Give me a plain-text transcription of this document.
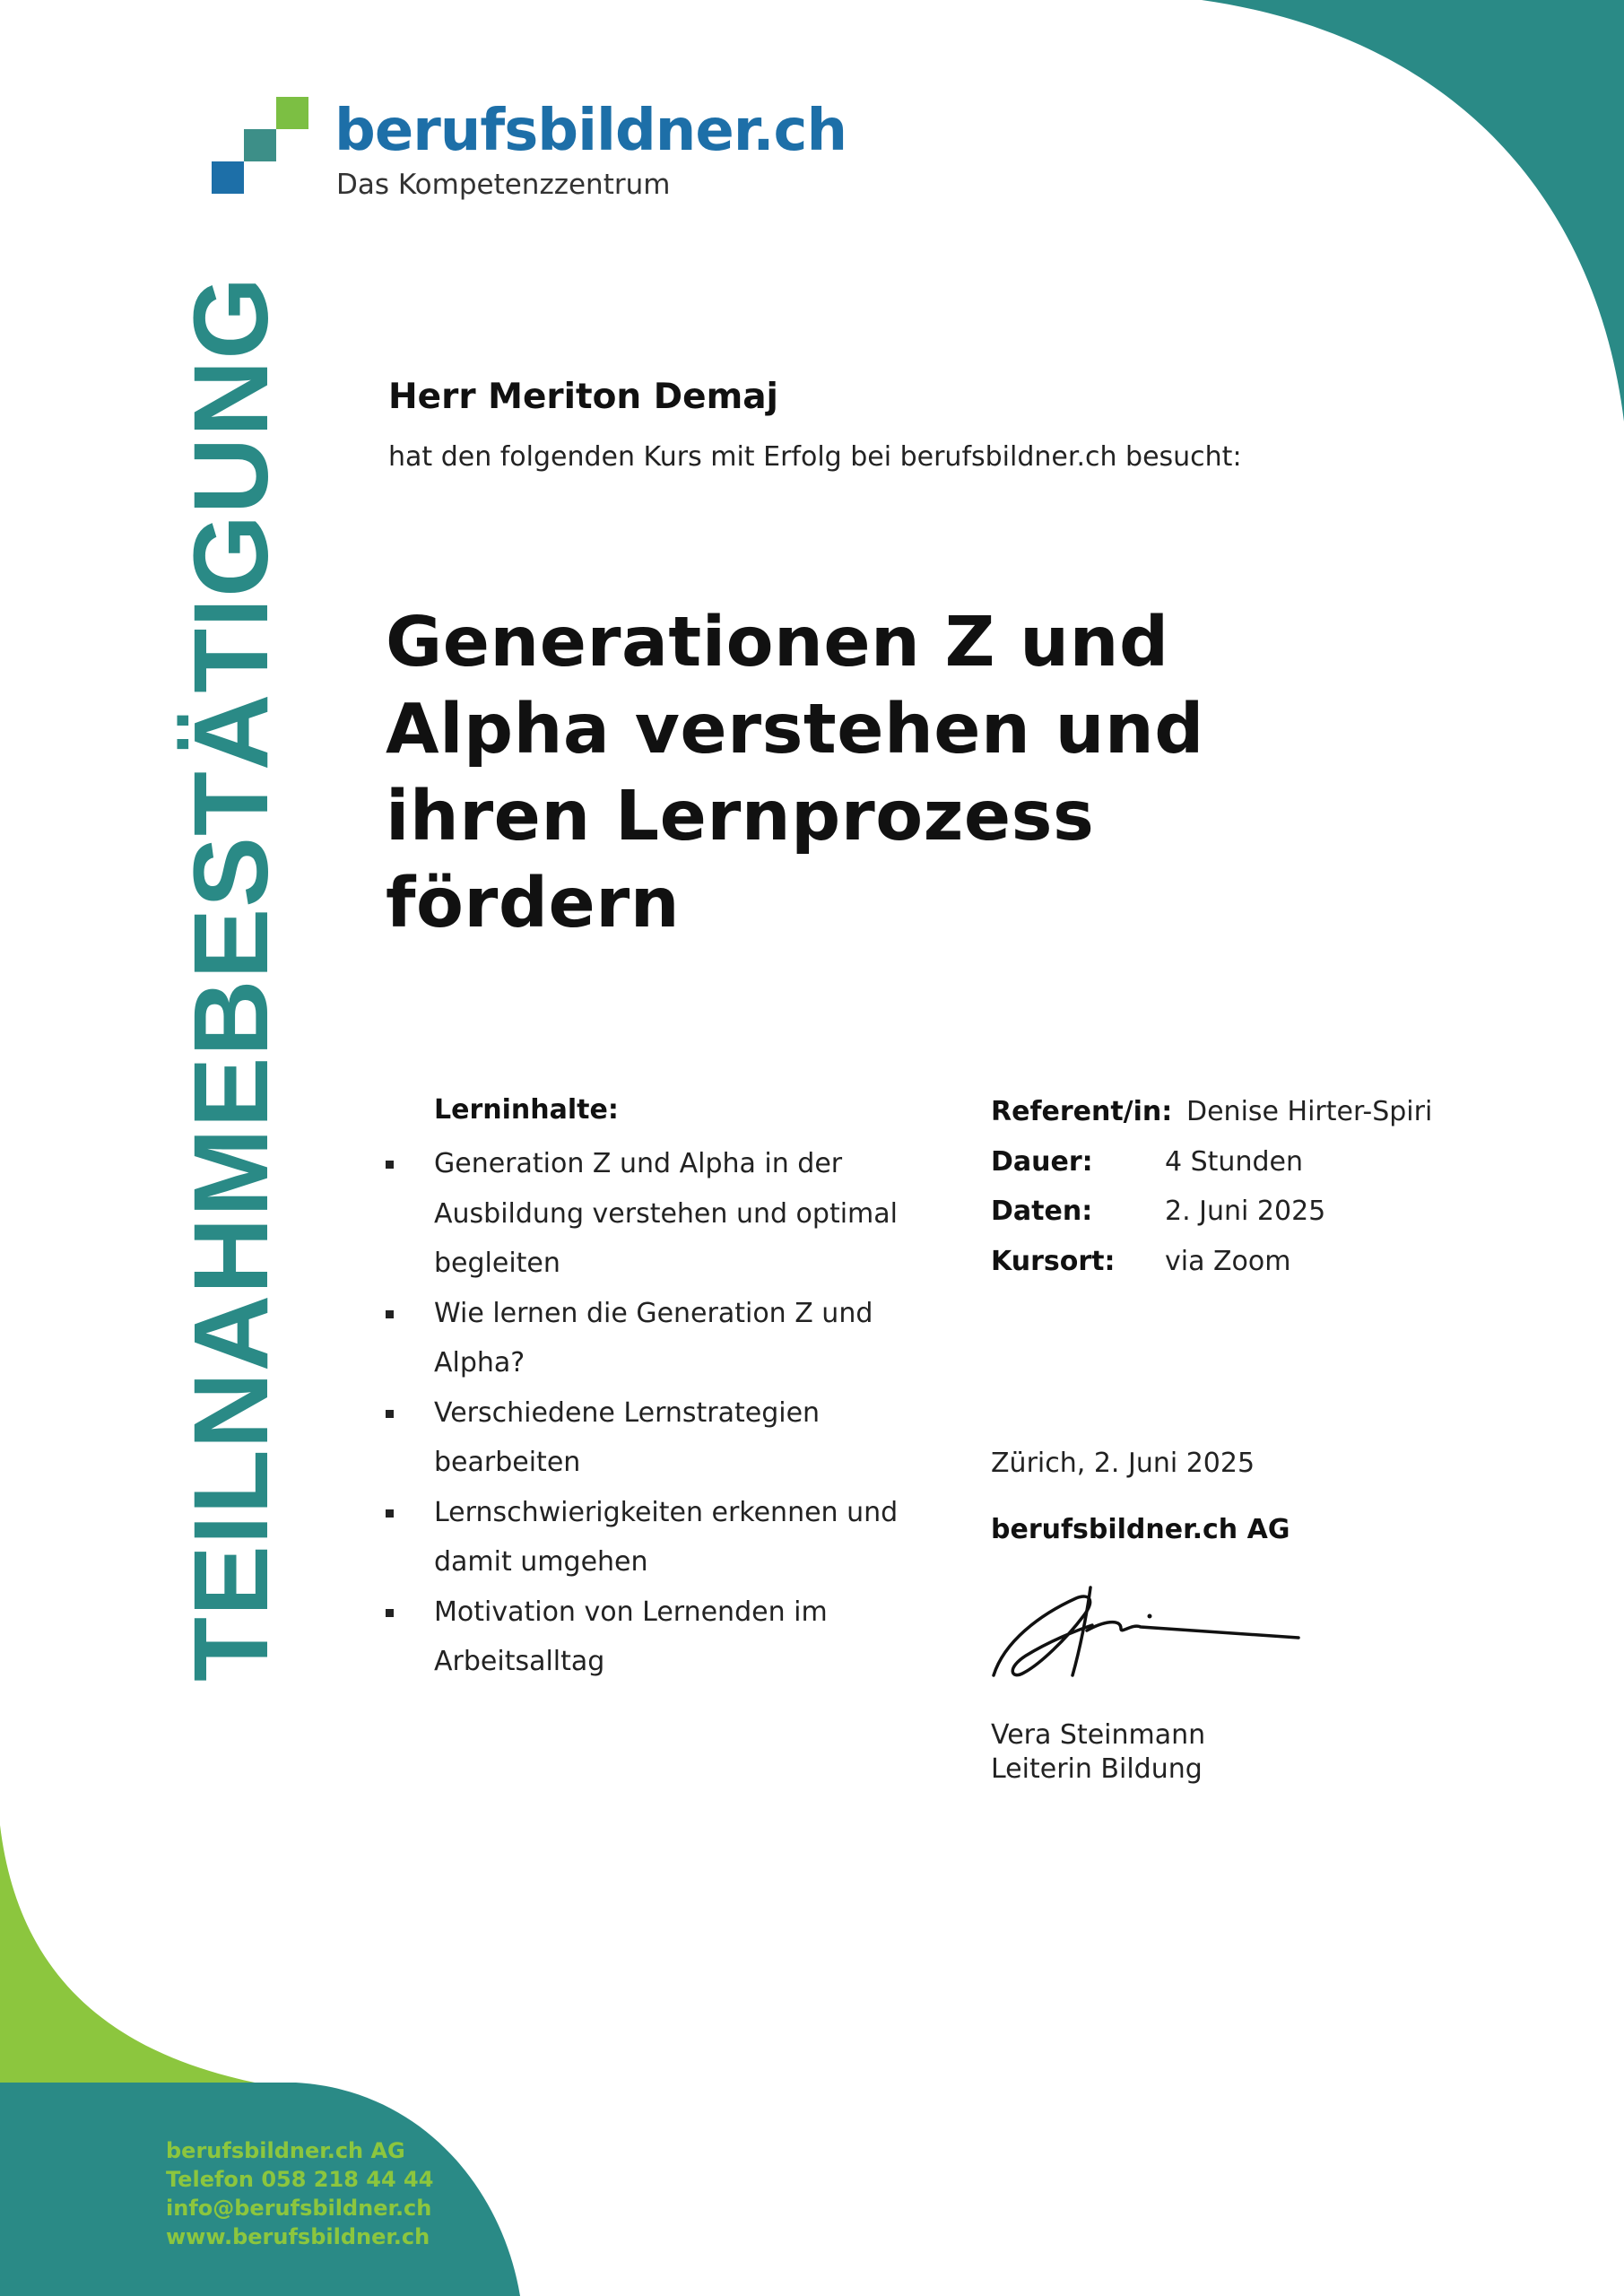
berufsbildner.ch
Das Kompetenzzentrum
TEILNAHMEBESTÄTIGUNG	Herr Meriton Demaj
hat den folgenden Kurs mit Erfolg bei berufsbildner.ch besucht:
Generationen Z und
Alpha verstehen und
ihren Lernprozess
fördern
Lerninhalte:
Generation Z und Alpha in der
Ausbildung verstehen und optimal
begleiten
Wie lernen die Generation Z und
Alpha?
Verschiedene Lernstrategien
bearbeiten
Lernschwierigkeiten erkennen und
damit umgehen
Motivation von Lernenden im
Arbeitsalltag
Referent/in: Denise Hirter-Spiri
Dauer:	4 Stunden
Daten:	2. Juni 2025
Kursort: via Zoom
Zürich, 2. Juni 2025
berufsbildner.ch AG
Vera Steinmann
Leiterin Bildung
berufsbildner.ch AG
Telefon 058 218 44 44
info@berufsbildner.ch
www.berufsbildner.ch
